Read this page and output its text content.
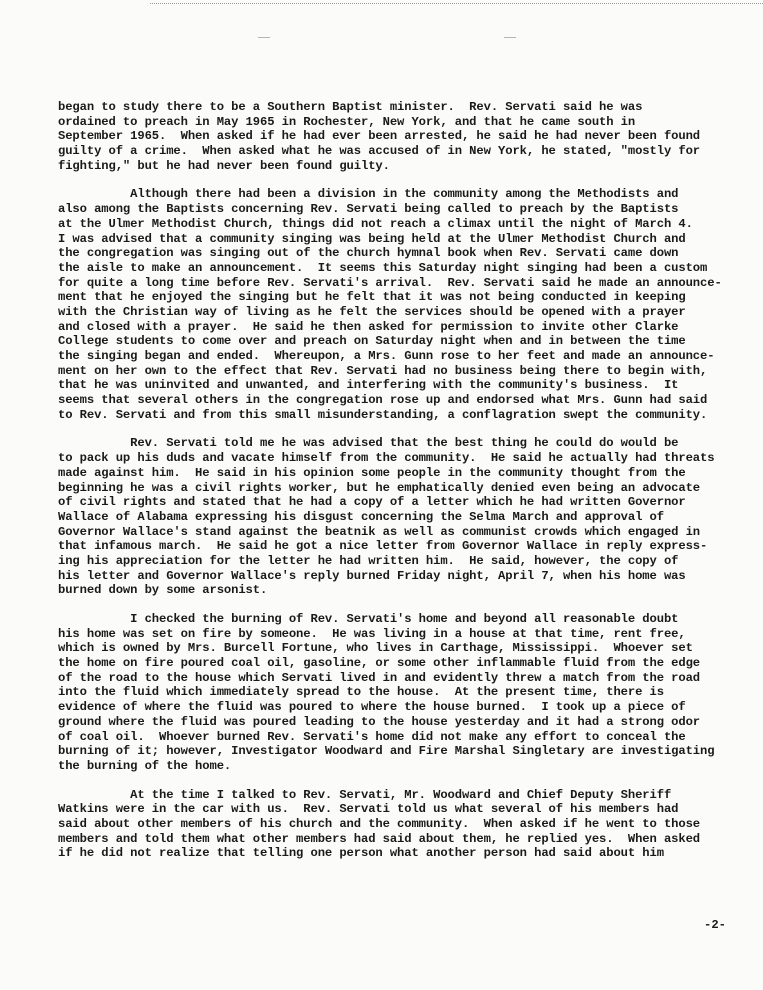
began to study there to be a Southern Baptist minister.  Rev. Servati said he was
ordained to preach in May 1965 in Rochester, New York, and that he came south in
September 1965.  When asked if he had ever been arrested, he said he had never been found
guilty of a crime.  When asked what he was accused of in New York, he stated, "mostly for
fighting," but he had never been found guilty.
Although there had been a division in the community among the Methodists and
also among the Baptists concerning Rev. Servati being called to preach by the Baptists
at the Ulmer Methodist Church, things did not reach a climax until the night of March 4.
I was advised that a community singing was being held at the Ulmer Methodist Church and
the congregation was singing out of the church hymnal book when Rev. Servati came down
the aisle to make an announcement.  It seems this Saturday night singing had been a custom
for quite a long time before Rev. Servati's arrival.  Rev. Servati said he made an announce-
ment that he enjoyed the singing but he felt that it was not being conducted in keeping
with the Christian way of living as he felt the services should be opened with a prayer
and closed with a prayer.  He said he then asked for permission to invite other Clarke
College students to come over and preach on Saturday night when and in between the time
the singing began and ended.  Whereupon, a Mrs. Gunn rose to her feet and made an announce-
ment on her own to the effect that Rev. Servati had no business being there to begin with,
that he was uninvited and unwanted, and interfering with the community's business.  It
seems that several others in the congregation rose up and endorsed what Mrs. Gunn had said
to Rev. Servati and from this small misunderstanding, a conflagration swept the community.
Rev. Servati told me he was advised that the best thing he could do would be
to pack up his duds and vacate himself from the community.  He said he actually had threats
made against him.  He said in his opinion some people in the community thought from the
beginning he was a civil rights worker, but he emphatically denied even being an advocate
of civil rights and stated that he had a copy of a letter which he had written Governor
Wallace of Alabama expressing his disgust concerning the Selma March and approval of
Governor Wallace's stand against the beatnik as well as communist crowds which engaged in
that infamous march.  He said he got a nice letter from Governor Wallace in reply express-
ing his appreciation for the letter he had written him.  He said, however, the copy of
his letter and Governor Wallace's reply burned Friday night, April 7, when his home was
burned down by some arsonist.
I checked the burning of Rev. Servati's home and beyond all reasonable doubt
his home was set on fire by someone.  He was living in a house at that time, rent free,
which is owned by Mrs. Burcell Fortune, who lives in Carthage, Mississippi.  Whoever set
the home on fire poured coal oil, gasoline, or some other inflammable fluid from the edge
of the road to the house which Servati lived in and evidently threw a match from the road
into the fluid which immediately spread to the house.  At the present time, there is
evidence of where the fluid was poured to where the house burned.  I took up a piece of
ground where the fluid was poured leading to the house yesterday and it had a strong odor
of coal oil.  Whoever burned Rev. Servati's home did not make any effort to conceal the
burning of it; however, Investigator Woodward and Fire Marshal Singletary are investigating
the burning of the home.
At the time I talked to Rev. Servati, Mr. Woodward and Chief Deputy Sheriff
Watkins were in the car with us.  Rev. Servati told us what several of his members had
said about other members of his church and the community.  When asked if he went to those
members and told them what other members had said about them, he replied yes.  When asked
if he did not realize that telling one person what another person had said about him
-2-
